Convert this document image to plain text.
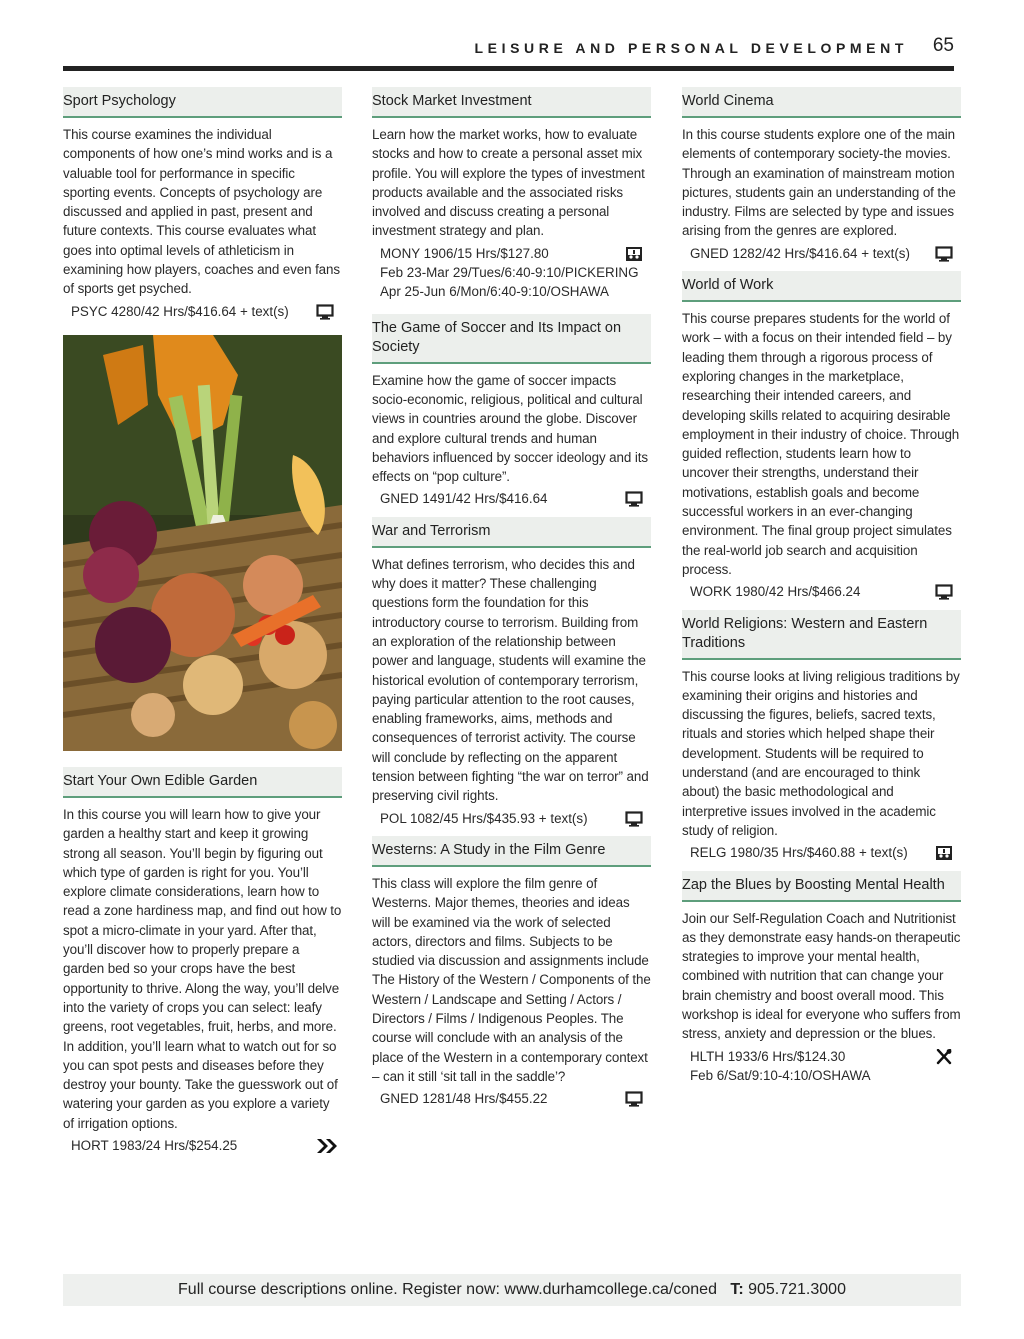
LEISURE AND PERSONAL DEVELOPMENT 65
Sport Psychology

This course examines the individual components of how one’s mind works and is a valuable tool for performance in specific sporting events. Concepts of psychology are discussed and applied in past, present and future contexts. This course evaluates what goes into optimal levels of athleticism in examining how players, coaches and even fans of sports get psyched.

PSYC 4280/42 Hrs/$416.64 + text(s)
Start Your Own Edible Garden

In this course you will learn how to give your garden a healthy start and keep it growing strong all season. You’ll begin by figuring out which type of garden is right for you. You’ll explore climate considerations, learn how to read a zone hardiness map, and find out how to spot a micro-climate in your yard. After that, you’ll discover how to properly prepare a garden bed so your crops have the best opportunity to thrive. Along the way, you’ll delve into the variety of crops you can select: leafy greens, root vegetables, fruit, herbs, and more. In addition, you’ll learn what to watch out for so you can spot pests and diseases before they destroy your bounty. Take the guesswork out of watering your garden as you explore a variety of irrigation options.

HORT 1983/24 Hrs/$254.25
Stock Market Investment

Learn how the market works, how to evaluate stocks and how to create a personal asset mix profile. You will explore the types of investment products available and the associated risks involved and discuss creating a personal investment strategy and plan.

MONY 1906/15 Hrs/$127.80
Feb 23-Mar 29/Tues/6:40-9:10/PICKERING
Apr 25-Jun 6/Mon/6:40-9:10/OSHAWA
The Game of Soccer and Its Impact on Society

Examine how the game of soccer impacts socio-economic, religious, political and cultural views in countries around the globe. Discover and explore cultural trends and human behaviors influenced by soccer ideology and its effects on “pop culture”.

GNED 1491/42 Hrs/$416.64
War and Terrorism

What defines terrorism, who decides this and why does it matter? These challenging questions form the foundation for this introductory course to terrorism. Building from an exploration of the relationship between power and language, students will examine the historical evolution of contemporary terrorism, paying particular attention to the root causes, enabling frameworks, aims, methods and consequences of terrorist activity. The course will conclude by reflecting on the apparent tension between fighting “the war on terror” and preserving civil rights.

POL 1082/45 Hrs/$435.93 + text(s)
Westerns: A Study in the Film Genre

This class will explore the film genre of Westerns. Major themes, theories and ideas will be examined via the work of selected actors, directors and films. Subjects to be studied via discussion and assignments include The History of the Western / Components of the Western / Landscape and Setting / Actors / Directors / Films / Indigenous Peoples. The course will conclude with an analysis of the place of the Western in a contemporary context – can it still ‘sit tall in the saddle’?

GNED 1281/48 Hrs/$455.22
World Cinema

In this course students explore one of the main elements of contemporary society-the movies. Through an examination of mainstream motion pictures, students gain an understanding of the industry. Films are selected by type and issues arising from the genres are explored.

GNED 1282/42 Hrs/$416.64 + text(s)
World of Work

This course prepares students for the world of work – with a focus on their intended field – by leading them through a rigorous process of exploring changes in the marketplace, researching their intended careers, and developing skills related to acquiring desirable employment in their industry of choice. Through guided reflection, students learn how to uncover their strengths, understand their motivations, establish goals and become successful workers in an ever-changing environment. The final group project simulates the real-world job search and acquisition process.

WORK 1980/42 Hrs/$466.24
World Religions: Western and Eastern Traditions

This course looks at living religious traditions by examining their origins and histories and discussing the figures, beliefs, sacred texts, rituals and stories which helped shape their development. Students will be required to understand (and are encouraged to think about) the basic methodological and interpretive issues involved in the academic study of religion.

RELG 1980/35 Hrs/$460.88 + text(s)
Zap the Blues by Boosting Mental Health

Join our Self-Regulation Coach and Nutritionist as they demonstrate easy hands-on therapeutic strategies to improve your mental health, combined with nutrition that can change your brain chemistry and boost overall mood. This workshop is ideal for everyone who suffers from stress, anxiety and depression or the blues.

HLTH 1933/6 Hrs/$124.30
Feb 6/Sat/9:10-4:10/OSHAWA
Full course descriptions online. Register now: www.durhamcollege.ca/coned T: 905.721.3000
